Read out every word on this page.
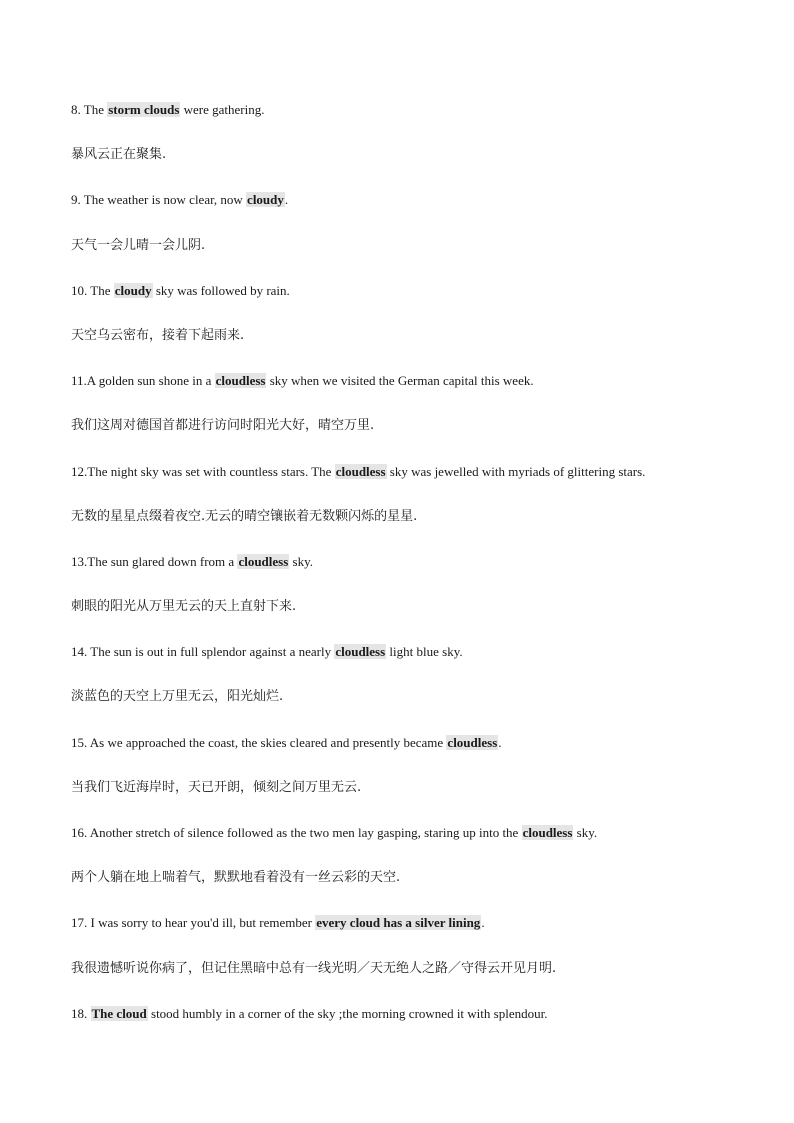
8. The storm clouds were gathering.
暴风云正在聚集.
9. The weather is now clear, now cloudy.
天气一会儿晴一会儿阴.
10. The cloudy sky was followed by rain.
天空乌云密布，接着下起雨来.
11.A golden sun shone in a cloudless sky when we visited the German capital this week.
我们这周对德国首都进行访问时阳光大好，晴空万里.
12.The night sky was set with countless stars. The cloudless sky was jewelled with myriads of glittering stars.
无数的星星点缀着夜空.无云的晴空镶嵌着无数颗闪烁的星星.
13.The sun glared down from a cloudless sky.
刺眼的阳光从万里无云的天上直射下来.
14. The sun is out in full splendor against a nearly cloudless light blue sky.
淡蓝色的天空上万里无云，阳光灿烂.
15. As we approached the coast, the skies cleared and presently became cloudless.
当我们飞近海岸时，天已开朗，倾刻之间万里无云.
16. Another stretch of silence followed as the two men lay gasping, staring up into the cloudless sky.
两个人躺在地上喘着气，默默地看着没有一丝云彩的天空.
17. I was sorry to hear you'd ill, but remember every cloud has a silver lining.
我很遗憾听说你病了，但记住黑暗中总有一线光明／天无绝人之路／守得云开见月明.
18. The cloud stood humbly in a corner of the sky ;the morning crowned it with splendour.
